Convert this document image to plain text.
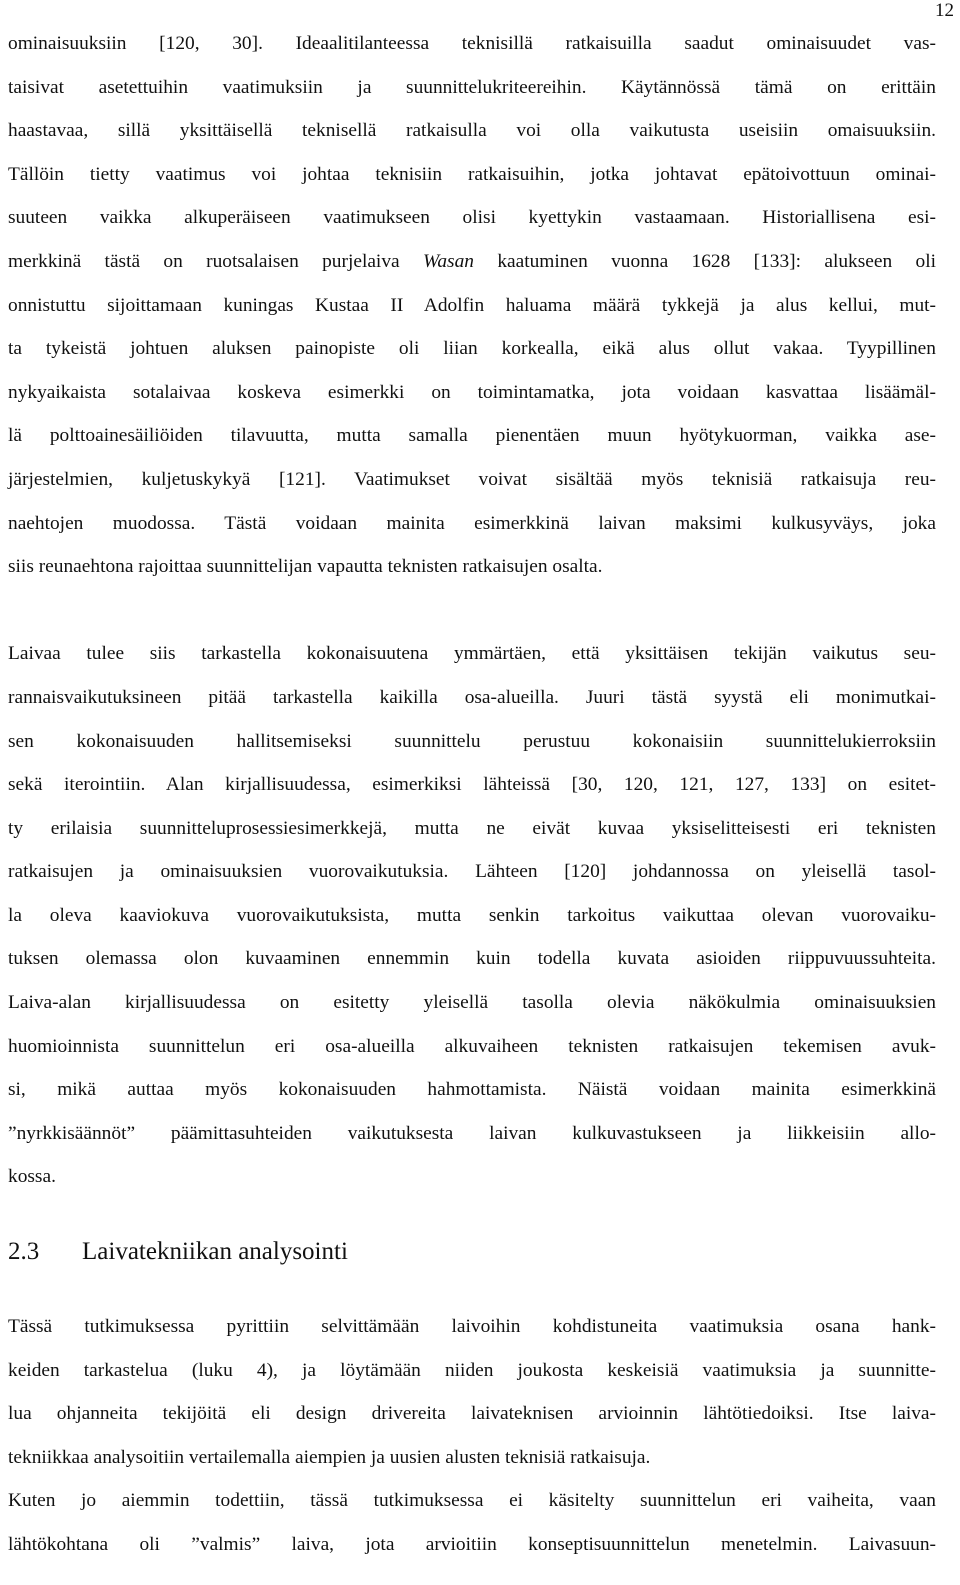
12
ominaisuuksiin [120, 30]. Ideaalitilanteessa teknisillä ratkaisuilla saadut ominaisuudet vas-
taisivat asetettuihin vaatimuksiin ja suunnittelukriteereihin. Käytännössä tämä on erittäin
haastavaa, sillä yksittäisellä teknisellä ratkaisulla voi olla vaikutusta useisiin omaisuuksiin.
Tällöin tietty vaatimus voi johtaa teknisiin ratkaisuihin, jotka johtavat epätoivottuun ominai-
suuteen vaikka alkuperäiseen vaatimukseen olisi kyettykin vastaamaan. Historiallisena esi-
merkkinä tästä on ruotsalaisen purjelaiva Wasan kaatuminen vuonna 1628 [133]: alukseen oli
onnistuttu sijoittamaan kuningas Kustaa II Adolfin haluama määrä tykkejä ja alus kellui, mut-
ta tykeistä johtuen aluksen painopiste oli liian korkealla, eikä alus ollut vakaa. Tyypillinen
nykyaikaista sotalaivaa koskeva esimerkki on toimintamatka, jota voidaan kasvattaa lisäämäl-
lä polttoainesäiliöiden tilavuutta, mutta samalla pienentäen muun hyötykuorman, vaikka ase-
järjestelmien, kuljetuskykyä [121]. Vaatimukset voivat sisältää myös teknisiä ratkaisuja reu-
naehtojen muodossa. Tästä voidaan mainita esimerkkinä laivan maksimi kulkusyväys, joka
siis reunaehtona rajoittaa suunnittelijan vapautta teknisten ratkaisujen osalta.
Laivaa tulee siis tarkastella kokonaisuutena ymmärtäen, että yksittäisen tekijän vaikutus seu-
rannaisvaikutuksineen pitää tarkastella kaikilla osa-alueilla. Juuri tästä syystä eli monimutkai-
sen kokonaisuuden hallitsemiseksi suunnittelu perustuu kokonaisiin suunnittelukierroksiin
sekä iterointiin. Alan kirjallisuudessa, esimerkiksi lähteissä [30, 120, 121, 127, 133] on esitet-
ty erilaisia suunnitteluprosessiesimerkkejä, mutta ne eivät kuvaa yksiselitteisesti eri teknisten
ratkaisujen ja ominaisuuksien vuorovaikutuksia. Lähteen [120] johdannossa on yleisellä tasol-
la oleva kaaviokuva vuorovaikutuksista, mutta senkin tarkoitus vaikuttaa olevan vuorovaiku-
tuksen olemassa olon kuvaaminen ennemmin kuin todella kuvata asioiden riippuvuussuhteita.
Laiva-alan kirjallisuudessa on esitetty yleisellä tasolla olevia näkökulmia ominaisuuksien
huomioinnista suunnittelun eri osa-alueilla alkuvaiheen teknisten ratkaisujen tekemisen avuk-
si, mikä auttaa myös kokonaisuuden hahmottamista. Näistä voidaan mainita esimerkkinä
”nyrkkisäännöt” päämittasuhteiden vaikutuksesta laivan kulkuvastukseen ja liikkeisiin allo-
kossa.
2.3 Laivatekniikan analysointi
Tässä tutkimuksessa pyrittiin selvittämään laivoihin kohdistuneita vaatimuksia osana hank-
keiden tarkastelua (luku 4), ja löytämään niiden joukosta keskeisiä vaatimuksia ja suunnitte-
lua ohjanneita tekijöitä eli design drivereita laivateknisen arvioinnin lähtötiedoiksi. Itse laiva-
tekniikkaa analysoitiin vertailemalla aiempien ja uusien alusten teknisiä ratkaisuja.
Kuten jo aiemmin todettiin, tässä tutkimuksessa ei käsitelty suunnittelun eri vaiheita, vaan
lähtökohtana oli ”valmis” laiva, jota arvioitiin konseptisuunnittelun menetelmin. Laivasuun-
